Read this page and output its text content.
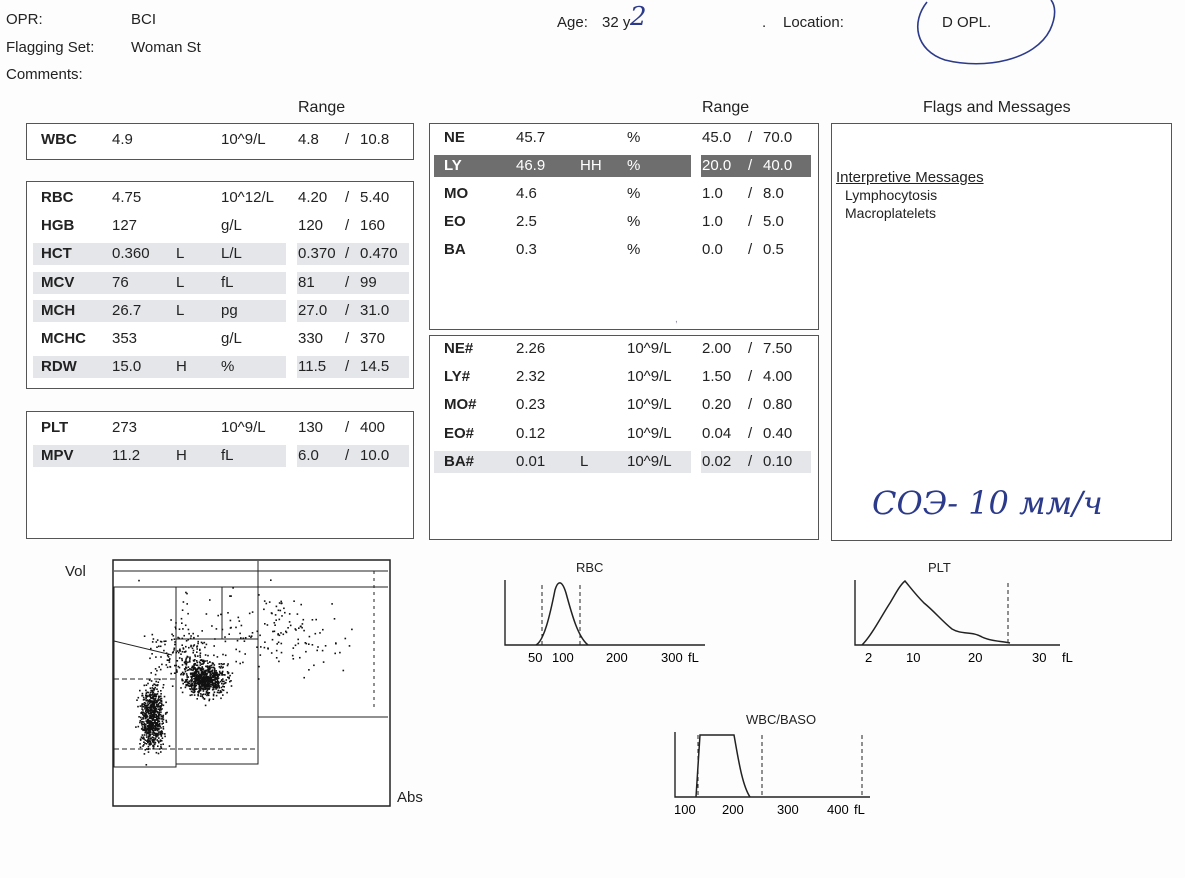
OPR:	BCI
Flagging Set: Woman St
Comments:
Age: 32 y 2	. Location:	D OPL.
Range	Range	Flags and Messages
WBC 4.9	10^9/L 4.8 / 10.8
RBC	4.75	10^12/L 4.20 / 5.40
HGB	127	g/L	120 / 160
HCT	0.360 L L/L	0.370 / 0.470
MCV	76	L fL	81 / 99
MCH 26.7 L pg	27.0 / 31.0
MCHC 353	g/L	330 / 370
RDW 15.0 H %	11.5 / 14.5
PLT	273	10^9/L 130 / 400
MPV	11.2 H fL	6.0 / 10.0
,
NE	45.7	%	45.0 / 70.0
LY	46.9 HH %	20.0 / 40.0
MO	4.6	%	1.0 / 8.0
EO	2.5	%	1.0 / 5.0
BA	0.3	%	0.0 / 0.5
NE#	2.26	10^9/L 2.00 / 7.50
LY#	2.32	10^9/L 1.50 / 4.00
MO#	0.23	10^9/L 0.20 / 0.80
EO#	0.12	10^9/L 0.04 / 0.40
BA#	0.01 L	10^9/L 0.02 / 0.10
Interpretive Messages
Lymphocytosis
Macroplatelets
СОЭ- 10 мм/ч
Vol
Abs
RBC
50 100 200	300 fL
PLT
2	10	20	30 fL
WBC/BASO
100 200	300 400 fL
